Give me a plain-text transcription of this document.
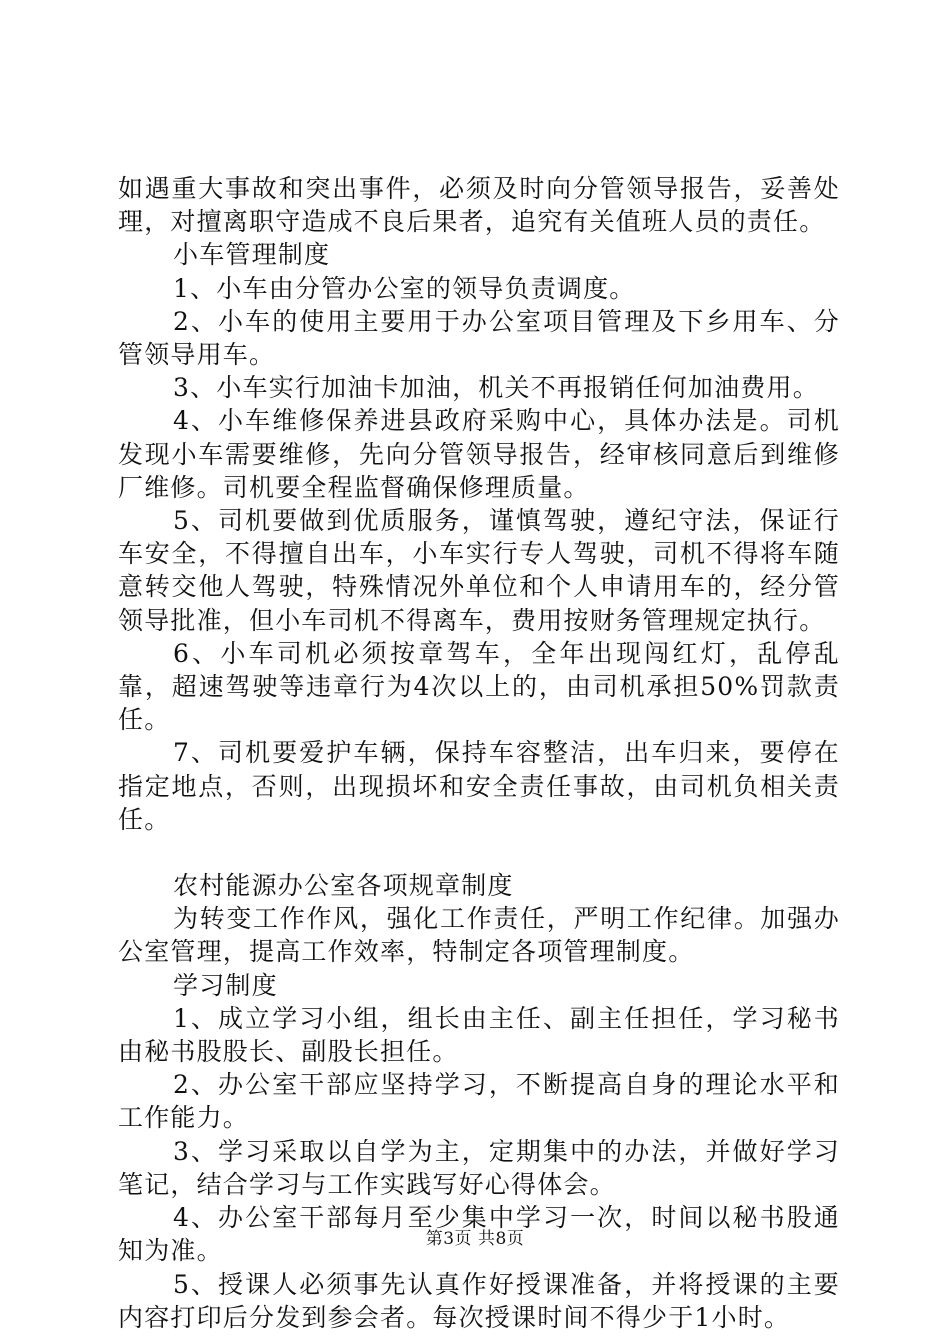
如遇重大事故和突出事件，必须及时向分管领导报告，妥善处理，对擅离职守造成不良后果者，追究有关值班人员的责任。

小车管理制度

1、小车由分管办公室的领导负责调度。

2、小车的使用主要用于办公室项目管理及下乡用车、分管领导用车。

3、小车实行加油卡加油，机关不再报销任何加油费用。

4、小车维修保养进县政府采购中心，具体办法是。司机发现小车需要维修，先向分管领导报告，经审核同意后到维修厂维修。司机要全程监督确保修理质量。

5、司机要做到优质服务，谨慎驾驶，遵纪守法，保证行车安全，不得擅自出车，小车实行专人驾驶，司机不得将车随意转交他人驾驶，特殊情况外单位和个人申请用车的，经分管领导批准，但小车司机不得离车，费用按财务管理规定执行。

6、小车司机必须按章驾车，全年出现闯红灯，乱停乱靠，超速驾驶等违章行为4次以上的，由司机承担50%罚款责任。

7、司机要爱护车辆，保持车容整洁，出车归来，要停在指定地点，否则，出现损坏和安全责任事故，由司机负相关责任。

农村能源办公室各项规章制度

为转变工作作风，强化工作责任，严明工作纪律。加强办公室管理，提高工作效率，特制定各项管理制度。

学习制度

1、成立学习小组，组长由主任、副主任担任，学习秘书由秘书股股长、副股长担任。

2、办公室干部应坚持学习，不断提高自身的理论水平和工作能力。

3、学习采取以自学为主，定期集中的办法，并做好学习笔记，结合学习与工作实践写好心得体会。

4、办公室干部每月至少集中学习一次，时间以秘书股通知为准。

5、授课人必须事先认真作好授课准备，并将授课的主要内容打印后分发到参会者。每次授课时间不得少于1小时。

第3页 共8页
